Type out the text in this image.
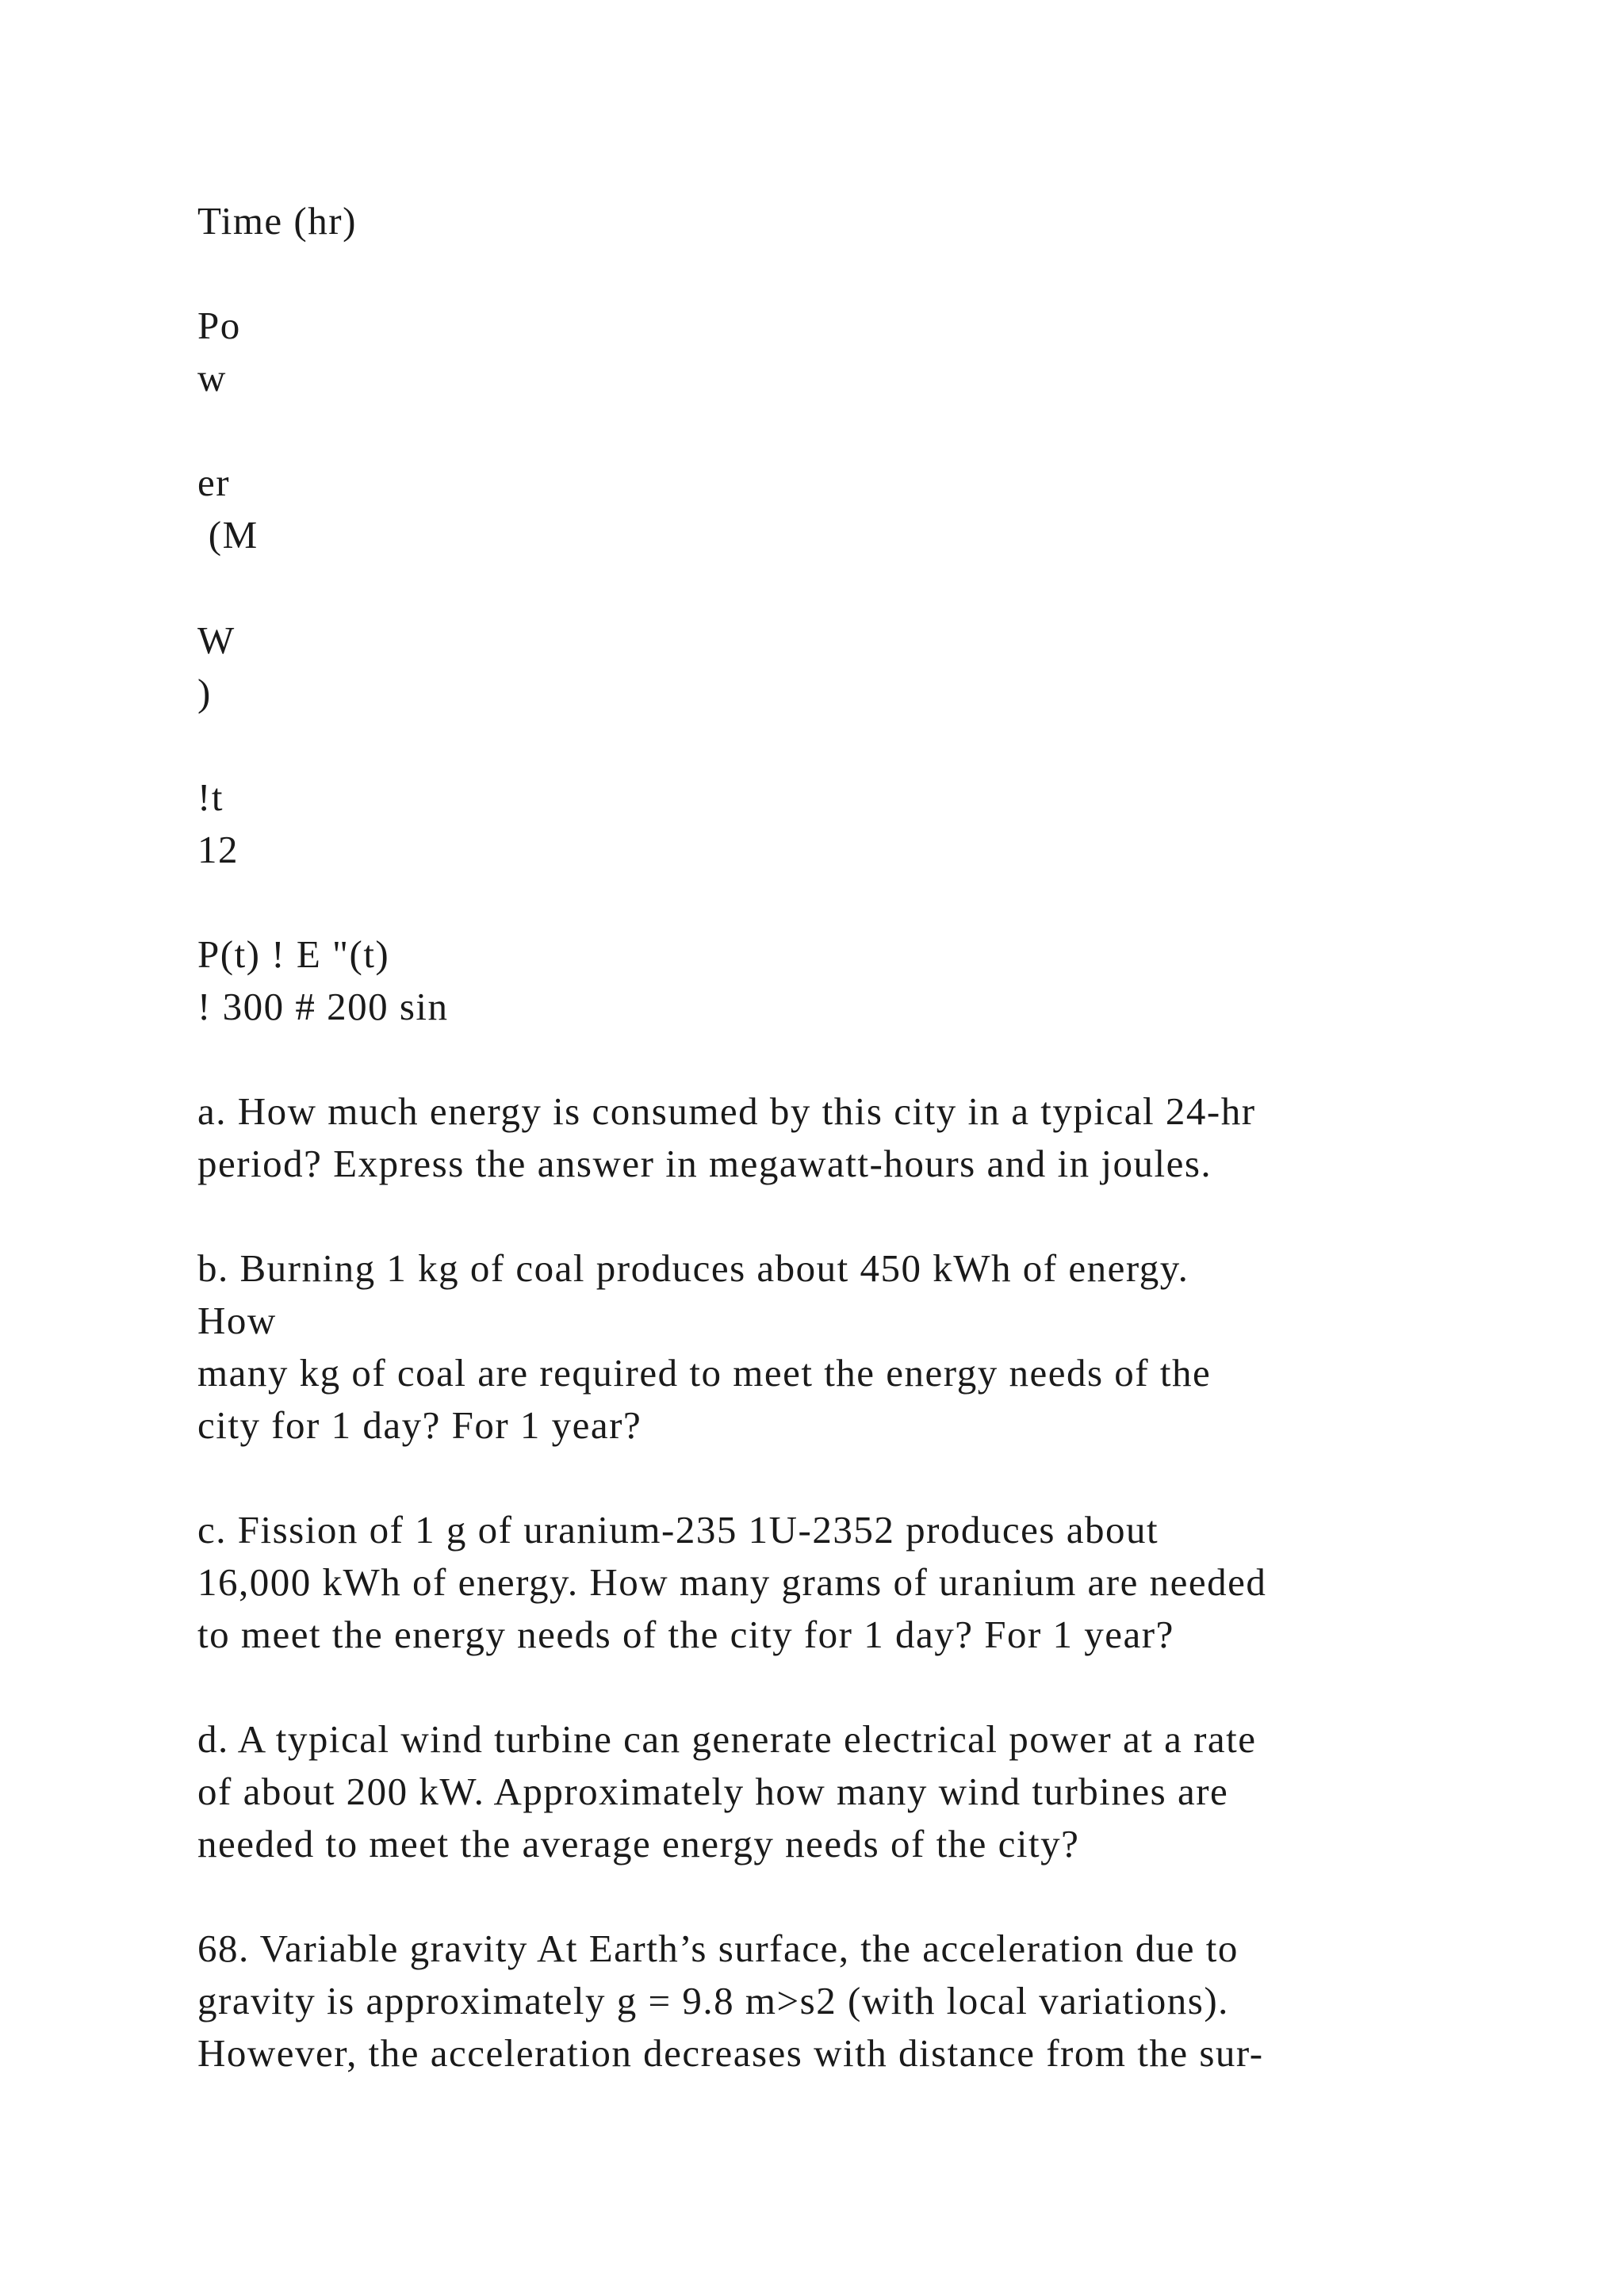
Time (hr)
Po
w
er
(M
W
)
!t
12
P(t) ! E "(t)
! 300 # 200 sin
a. How much energy is consumed by this city in a typical 24-hr
period? Express the answer in megawatt-hours and in joules.
b. Burning 1 kg of coal produces about 450 kWh of energy.
How
many kg of coal are required to meet the energy needs of the
city for 1 day? For 1 year?
c. Fission of 1 g of uranium-235 1U-2352 produces about
16,000 kWh of energy. How many grams of uranium are needed
to meet the energy needs of the city for 1 day? For 1 year?
d. A typical wind turbine can generate electrical power at a rate
of about 200 kW. Approximately how many wind turbines are
needed to meet the average energy needs of the city?
68. Variable gravity At Earth’s surface, the acceleration due to
gravity is approximately g = 9.8 m>s2 (with local variations).
However, the acceleration decreases with distance from the sur-
